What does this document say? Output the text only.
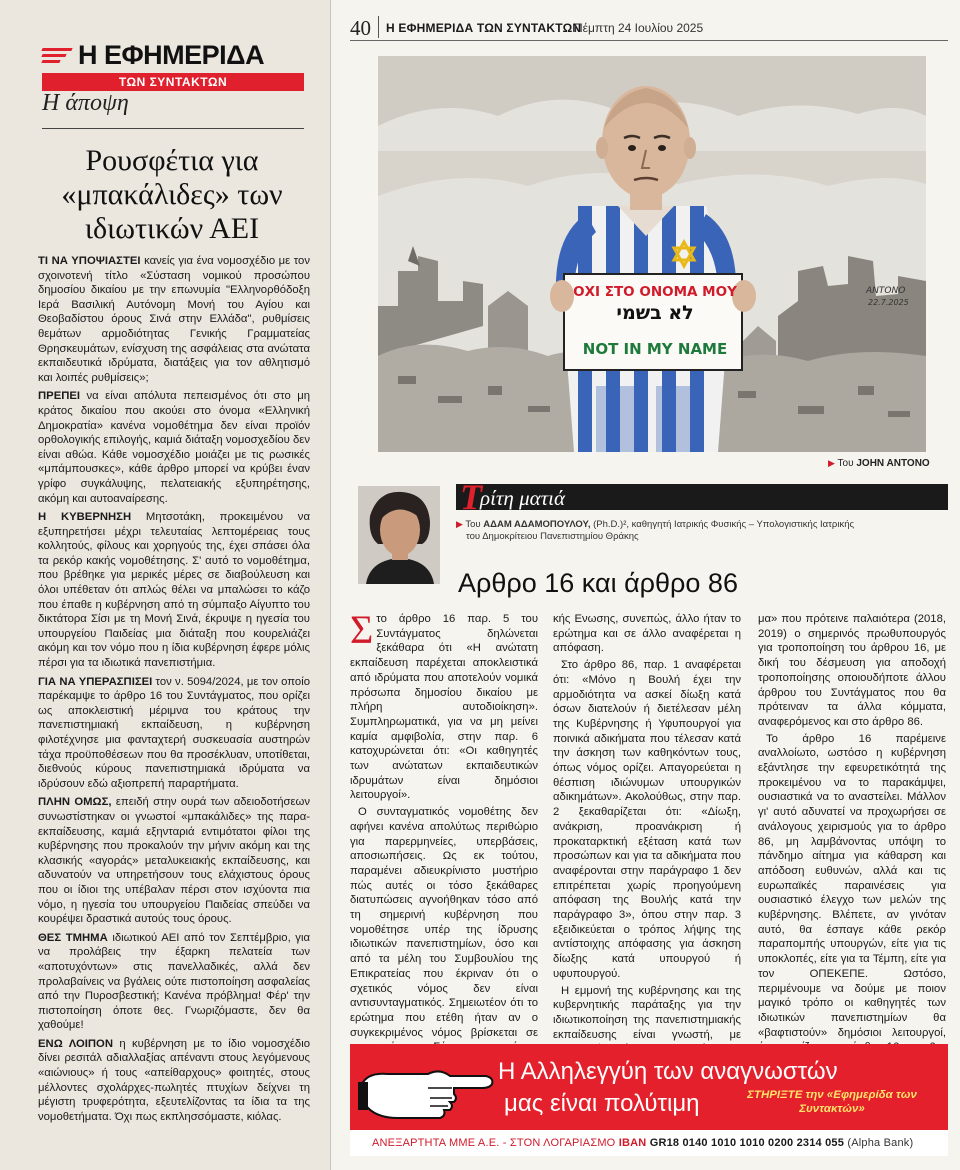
Η ΕΦΗΜΕΡΙΔΑ
ΤΩΝ ΣΥΝΤΑΚΤΩΝ
Η άποψη
Ρουσφέτια για «μπακάλιδες» των ιδιωτικών ΑΕΙ

ΤΙ ΝΑ ΥΠΟΨΙΑΣΤΕΙ κανείς για ένα νομοσχέδιο με τον σχοινοτενή τίτλο «Σύσταση νομικού προσώπου δημοσίου δικαίου με την επωνυμία "Ελληνορθόδοξη Ιερά Βασιλική Αυτόνομη Μονή του Αγίου και Θεοβαδίστου όρους Σινά στην Ελλάδα", ρυθμίσεις θεμάτων αρμοδιότητας Γενικής Γραμματείας Θρησκευμάτων, ενίσχυση της ασφάλειας στα ανώτατα εκπαιδευτικά ιδρύματα, διατάξεις για τον αθλητισμό και λοιπές ρυθμίσεις»;

ΠΡΕΠΕΙ να είναι απόλυτα πεπεισμένος ότι στο μη κράτος δικαίου που ακούει στο όνομα «Ελληνική Δημοκρατία» κανένα νομοθέτημα δεν είναι προϊόν ορθολογικής επιλογής, καμιά διάταξη νομοσχεδίου δεν είναι αθώα. Κάθε νομοσχέδιο μοιάζει με τις ρωσικές «μπάμπουσκες», κάθε άρθρο μπορεί να κρύβει έναν γρίφο συγκάλυψης, πελατειακής εξυπηρέτησης, ακόμη και αυτοαναίρεσης.

Η ΚΥΒΕΡΝΗΣΗ Μητσοτάκη, προκειμένου να εξυπηρετήσει μέχρι τελευταίας λεπτομέρειας τους κολλητούς, φίλους και χορηγούς της, έχει σπάσει όλα τα ρεκόρ κακής νομοθέτησης. Σ' αυτό το νομοθέτημα, που βρέθηκε για μερικές μέρες σε διαβούλευση και όλοι υπέθεταν ότι απλώς θέλει να μπαλώσει το κάζο που έπαθε η κυβέρνηση από τη σύμπαξο Αίγυπτο του δικτάτορα Σίσι με τη Μονή Σινά, έκρυψε η ηγεσία του υπουργείου Παιδείας μια διάταξη που κουρελιάζει ακόμη και τον νόμο που η ίδια κυβέρνηση έφερε μόλις πέρσι για τα ιδιωτικά πανεπιστήμια.

ΓΙΑ ΝΑ ΥΠΕΡΑΣΠΙΣΕΙ τον ν. 5094/2024, με τον οποίο παρέκαμψε το άρθρο 16 του Συντάγματος, που ορίζει ως αποκλειστική μέριμνα του κράτους την πανεπιστημιακή εκπαίδευση, η κυβέρνηση φιλοτέχνησε μια φανταχτερή συσκευασία αυστηρών τάχα προϋποθέσεων που θα προσέκλυαν, υποτίθεται, διεθνούς κύρους πανεπιστημιακά ιδρύματα να ιδρύσουν εδώ αξιοπρεπή παραρτήματα.

ΠΛΗΝ ΟΜΩΣ, επειδή στην ουρά των αδειοδοτήσεων συνωστίστηκαν οι γνωστοί «μπακάλιδες» της παρα-εκπαίδευσης, καμιά εξηνταριά εντιμότατοι φίλοι της κυβέρνησης που προκαλούν την μήνιν ακόμη και της κλασικής «αγοράς» μεταλυκειακής εκπαίδευσης, και αδυνατούν να υπηρετήσουν τους ελάχιστους όρους που οι ίδιοι της υπέβαλαν πέρσι στον ισχύοντα πια νόμο, η ηγεσία του υπουργείου Παιδείας σπεύδει να κουρέψει δραστικά αυτούς τους όρους.

ΘΕΣ ΤΜΗΜΑ ιδιωτικού ΑΕΙ από τον Σεπτέμβριο, για να προλάβεις την έξαρκη πελατεία των «αποτυχόντων» στις πανελλαδικές, αλλά δεν προλαβαίνεις να βγάλεις ούτε πιστοποίηση ασφαλείας από την Πυροσβεστική; Κανένα πρόβλημα! Φέρ' την πιστοποίηση όποτε θες. Γνωριζόμαστε, δεν θα χαθούμε!

ΕΝΩ ΛΟΙΠΟΝ η κυβέρνηση με το ίδιο νομοσχέδιο δίνει ρεσιτάλ αδιαλλαξίας απέναντι στους λεγόμενους «αιώνιους» ή τους «απείθαρχους» φοιτητές, στους μέλλοντες σχολάρχες-πωλητές πτυχίων δείχνει τη μέγιστη τρυφερότητα, εξευτελίζοντας τα ίδια τα της νομοθετήματα. Όχι πως εκπλησσόμαστε, κιόλας.

40 Η ΕΦΗΜΕΡΙΔΑ ΤΩΝ ΣΥΝΤΑΚΤΩΝ
Πέμπτη 24 Ιουλίου 2025
ΟΧΙ ΣΤΟ ΟΝΟΜΑ ΜΟΥ
לא בשמי
NOT IN MY NAME
ANTONO
22.7.2025
▶ Του JOHN ANTONO
Τ
ρίτη ματιά
▶ Του ΑΔΑΜ ΑΔΑΜΟΠΟΥΛΟΥ, (Ph.D.)², καθηγητή Ιατρικής Φυσικής – Υπολογιστικής Ιατρικής
του Δημοκρίτειου Πανεπιστημίου Θράκης
Αρθρο 16 και άρθρο 86

Στο άρθρο 16 παρ. 5 του Συντάγματος δηλώνεται ξεκάθαρα ότι «Η ανώτατη εκπαίδευση παρέχεται αποκλειστικά από ιδρύματα που αποτελούν νομικά πρόσωπα δημοσίου δικαίου με πλήρη αυτοδιοίκηση». Συμπληρωματικά, για να μη μείνει καμία αμφιβολία, στην παρ. 6 κατοχυρώνεται ότι: «Οι καθηγητές των ανώτατων εκπαιδευτικών ιδρυμάτων είναι δημόσιοι λειτουργοί».

Ο συνταγματικός νομοθέτης δεν αφήνει κανένα απολύτως περιθώριο για παρερμηνείες, υπερβάσεις, αποσιωπήσεις. Ως εκ τούτου, παραμένει αδιευκρίνιστο μυστήριο πώς αυτές οι τόσο ξεκάθαρες διατυπώσεις αγνοήθηκαν τόσο από τη σημερινή κυβέρνηση που νομοθέτησε υπέρ της ίδρυσης ιδιωτικών πανεπιστημίων, όσο και από τα μέλη του Συμβουλίου της Επικρατείας που έκριναν ότι ο σχετικός νόμος δεν είναι αντισυνταγματικός. Σημειωτέον ότι το ερώτημα που ετέθη ήταν αν ο συγκεκριμένος νόμος βρίσκεται σε

κής Ενωσης, συνεπώς, άλλο ήταν το ερώτημα και σε άλλο αναφέρεται η απόφαση.

Στο άρθρο 86, παρ. 1 αναφέρεται ότι: «Μόνο η Βουλή έχει την αρμοδιότητα να ασκεί δίωξη κατά όσων διατελούν ή διετέλεσαν μέλη της Κυβέρνησης ή Υφυπουργοί για ποινικά αδικήματα που τέλεσαν κατά την άσκηση των καθηκόντων τους, όπως νόμος ορίζει. Απαγορεύεται η θέσπιση ιδιώνυμων υπουργικών αδικημάτων». Ακολούθως, στην παρ. 2 ξεκαθαρίζεται ότι: «Δίωξη, ανάκριση, προανάκριση ή προκαταρκτική εξέταση κατά των προσώπων και για τα αδικήματα που αναφέρονται στην παράγραφο 1 δεν επιτρέπεται χωρίς προηγούμενη απόφαση της Βουλής κατά την παράγραφο 3», όπου στην παρ. 3 εξειδικεύεται ο τρόπος λήψης της αντίστοιχης απόφασης για άσκηση δίωξης κατά υπουργού ή υφυπουργού.

Η εμμονή της κυβέρνησης και της κυβερνητικής παράταξης για την ιδιωτικοποίηση της πανεπιστημιακής εκπαίδευσης είναι γνωστή, με

μα» που πρότεινε παλαιότερα (2018, 2019) ο σημερινός πρωθυπουργός για τροποποίηση του άρθρου 16, με δική του δέσμευση για αποδοχή τροποποίησης οποιουδήποτε άλλου άρθρου του Συντάγματος που θα πρότειναν τα άλλα κόμματα, αναφερόμενος και στο άρθρο 86.

Το άρθρο 16 παρέμεινε αναλλοίωτο, ωστόσο η κυβέρνηση εξάντλησε την εφευρετικότητά της προκειμένου να το παρακάμψει, ουσιαστικά να το αναστείλει. Μάλλον γι' αυτό αδυνατεί να προχωρήσει σε ανάλογους χειρισμούς για το άρθρο 86, μη λαμβάνοντας υπόψη το πάνδημο αίτημα για κάθαρση και απόδοση ευθυνών, αλλά και τις ευρωπαϊκές παραινέσεις για ουσιαστικό έλεγχο των μελών της κυβέρνησης. Βλέπετε, αν γινόταν αυτό, θα έσπαγε κάθε ρεκόρ παραπομπής υπουργών, είτε για τις υποκλοπές, είτε για τα Τέμπη, είτε για τον ΟΠΕΚΕΠΕ. Ωστόσο, περιμένουμε να δούμε με ποιον μαγικό τρόπο οι καθηγητές των ιδιωτικών πανεπιστημίων θα «βαφτιστούν» δημόσιοι λειτουργοί,

Η Αλληλεγγύη των αναγνωστών
μας είναι πολύτιμη	ΣΤΗΡΙΞΤΕ την «Εφημερίδα των Συντακτών»
ΑΝΕΞΑΡΤΗΤΑ ΜΜΕ Α.Ε. - ΣΤΟΝ ΛΟΓΑΡΙΑΣΜΟ IBAN GR18 0140 1010 1010 0200 2314 055 (Alpha Bank)
